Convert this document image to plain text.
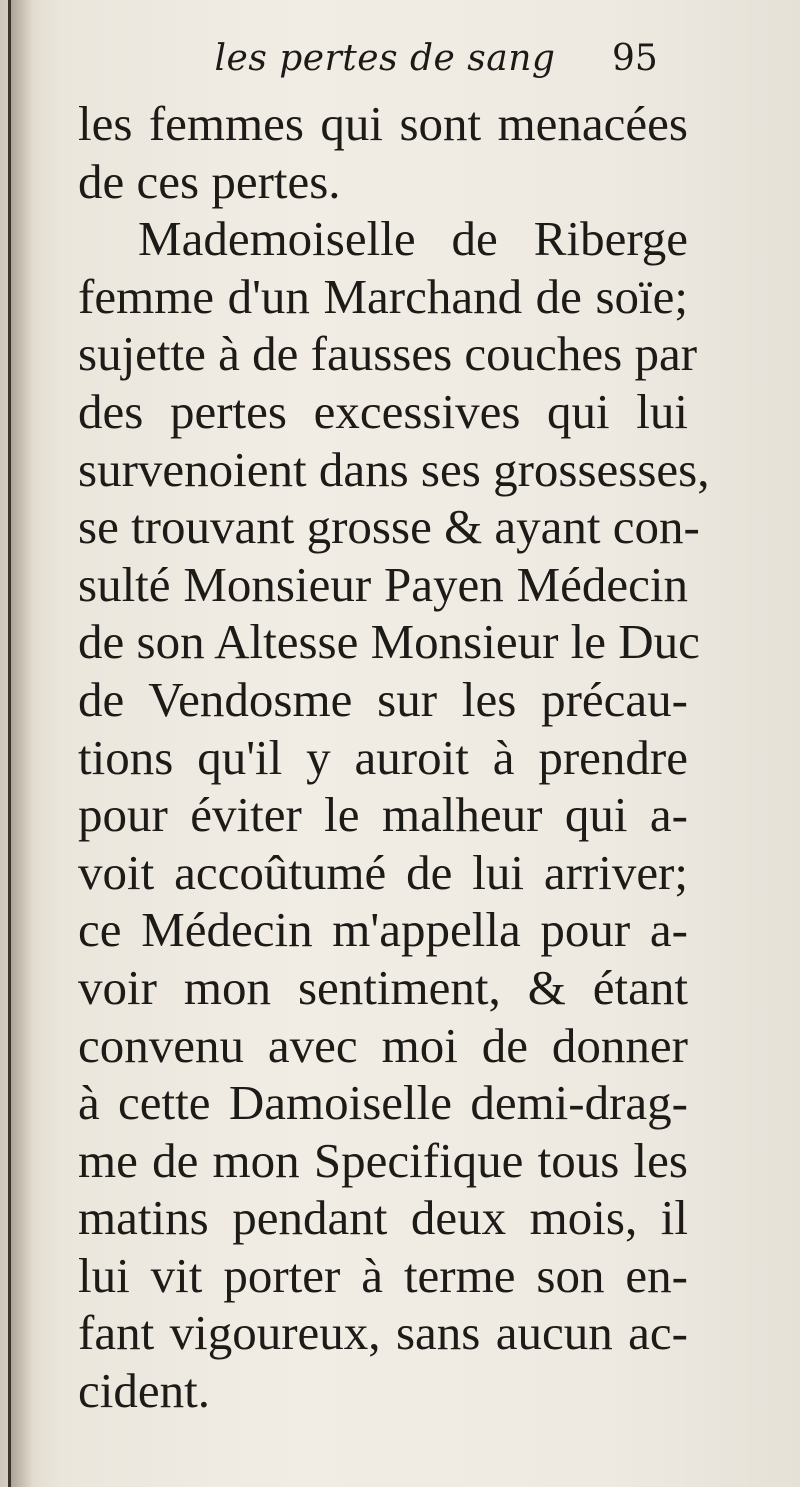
les pertes de sang	95
les femmes qui sont menacées
de ces pertes.
Mademoiselle de Riberge
femme d'un Marchand de soïe;
sujette à de fausses couches par
des pertes excessives qui lui
survenoient dans ses grossesses,
se trouvant grosse & ayant con-
sulté Monsieur Payen Médecin
de son Altesse Monsieur le Duc
de Vendosme sur les précau-
tions qu'il y auroit à prendre
pour éviter le malheur qui a-
voit accoûtumé de lui arriver;
ce Médecin m'appella pour a-
voir mon sentiment, & étant
convenu avec moi de donner
à cette Damoiselle demi-drag-
me de mon Specifique tous les
matins pendant deux mois, il
lui vit porter à terme son en-
fant vigoureux, sans aucun ac-
cident.
